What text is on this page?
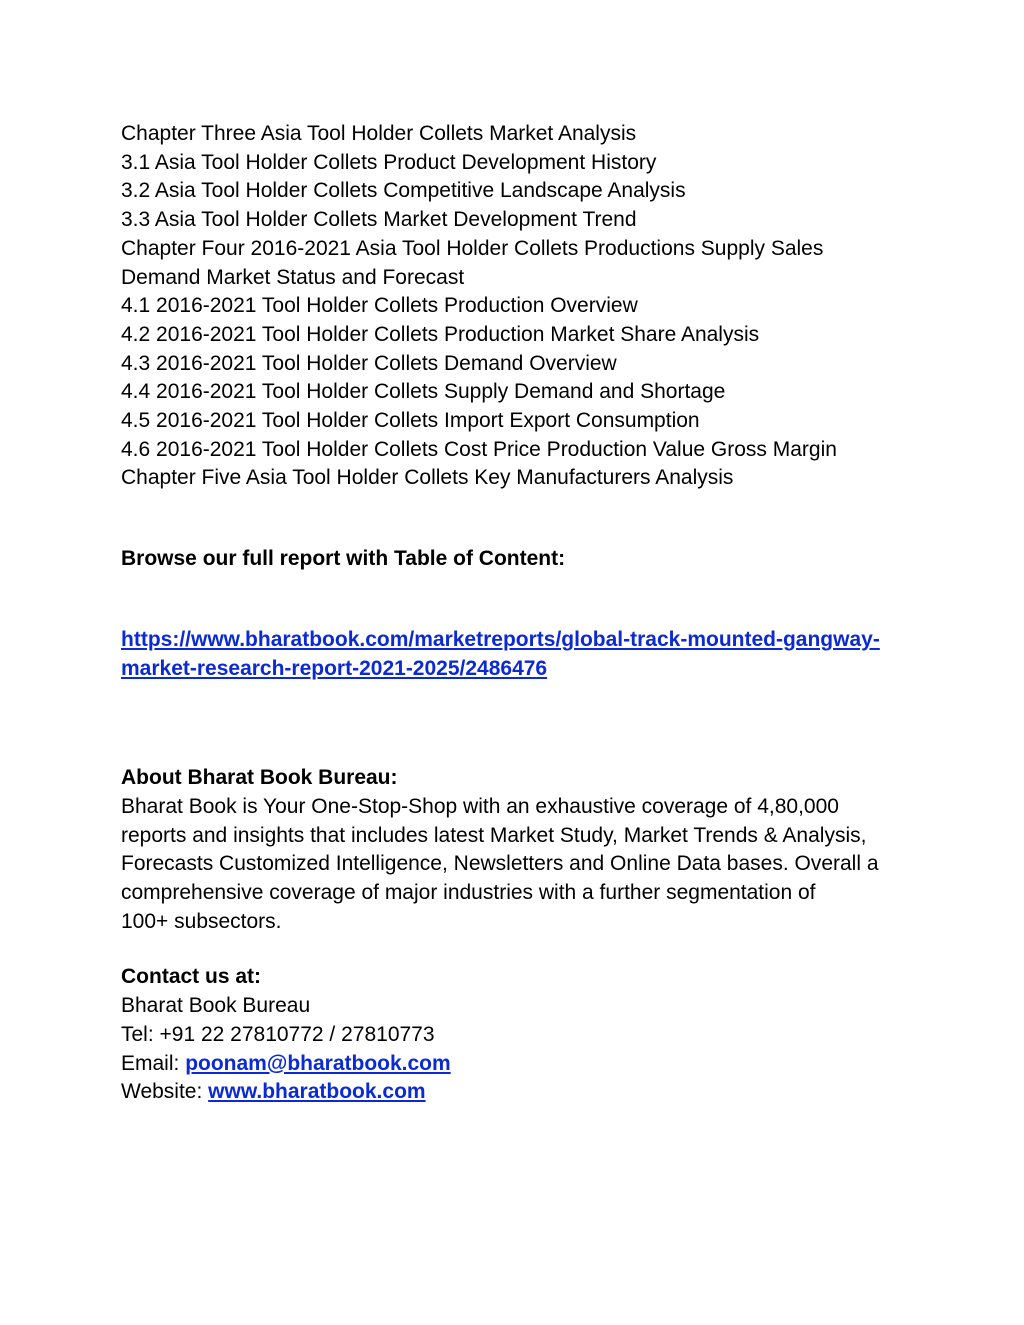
Chapter Three Asia Tool Holder Collets Market Analysis
3.1 Asia Tool Holder Collets Product Development History
3.2 Asia Tool Holder Collets Competitive Landscape Analysis
3.3 Asia Tool Holder Collets Market Development Trend
Chapter Four 2016-2021 Asia Tool Holder Collets Productions Supply Sales
Demand Market Status and Forecast
4.1 2016-2021 Tool Holder Collets Production Overview
4.2 2016-2021 Tool Holder Collets Production Market Share Analysis
4.3 2016-2021 Tool Holder Collets Demand Overview
4.4 2016-2021 Tool Holder Collets Supply Demand and Shortage
4.5 2016-2021 Tool Holder Collets Import Export Consumption
4.6 2016-2021 Tool Holder Collets Cost Price Production Value Gross Margin
Chapter Five Asia Tool Holder Collets Key Manufacturers Analysis
Browse our full report with Table of Content:
https://www.bharatbook.com/marketreports/global-track-mounted-gangway-
market-research-report-2021-2025/2486476
About Bharat Book Bureau:
Bharat Book is Your One-Stop-Shop with an exhaustive coverage of 4,80,000
reports and insights that includes latest Market Study, Market Trends & Analysis,
Forecasts Customized Intelligence, Newsletters and Online Data bases. Overall a
comprehensive coverage of major industries with a further segmentation of
100+ subsectors.
Contact us at:
Bharat Book Bureau
Tel: +91 22 27810772 / 27810773
Email: poonam@bharatbook.com
Website: www.bharatbook.com
